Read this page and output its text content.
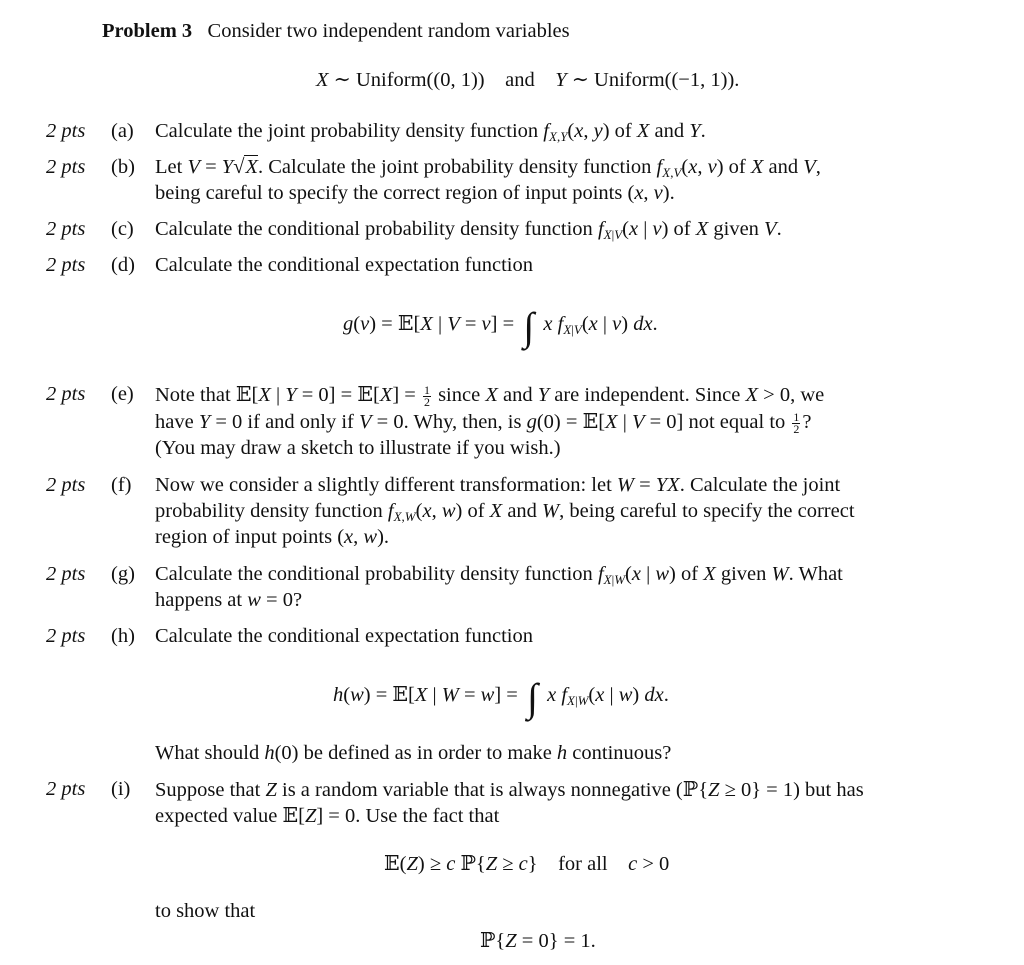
Problem 3 Consider two independent random variables
X ∼ Uniform((0, 1))    and    Y ∼ Uniform((−1, 1)).
2 pts (a) Calculate the joint probability density function $f_{X,Y}(x$, y) of X and Y.
2 pts (b) Let V = Y√X. Calculate the joint probability density function $f_{X,V}(x$, v) of X and V,
being careful to specify the correct region of input points (x, v).
2 pts (c) Calculate the conditional probability density function $f_{X|V}(x$ | v) of X given V.
2 pts (d) Calculate the conditional expectation function
g(v) = 𝔼[X | V = v] = ∫ x $f_{X|V}(x$ | v) dx.
2 pts (e) Note that 𝔼[X | Y = 0] = 𝔼[X] = $\frac{1}{2}$ since X and Y are independent. Since X > 0, we
have Y = 0 if and only if V = 0. Why, then, is g(0) = 𝔼[X | V = 0] not equal to $\frac{1}{2}$ ?
(You may draw a sketch to illustrate if you wish.)
2 pts (f) Now we consider a slightly different transformation: let W = YX. Calculate the joint
probability density function $f_{X,W}(x$, w) of X and W, being careful to specify the correct
region of input points (x, w).
2 pts (g) Calculate the conditional probability density function $f_{X|W}(x$ | w) of X given W. What
happens at w = 0?
2 pts (h) Calculate the conditional expectation function
h(w) = 𝔼[X | W = w] = ∫ x $f_{X|W}(x$ | w) dx.
What should h(0) be defined as in order to make h continuous?
2 pts (i) Suppose that Z is a random variable that is always nonnegative (ℙ{Z ≥ 0} = 1) but has
expected value 𝔼[Z] = 0. Use the fact that
𝔼(Z) ≥ c ℙ{Z ≥ c}    for all    c > 0
to show that
ℙ{Z = 0} = 1.
